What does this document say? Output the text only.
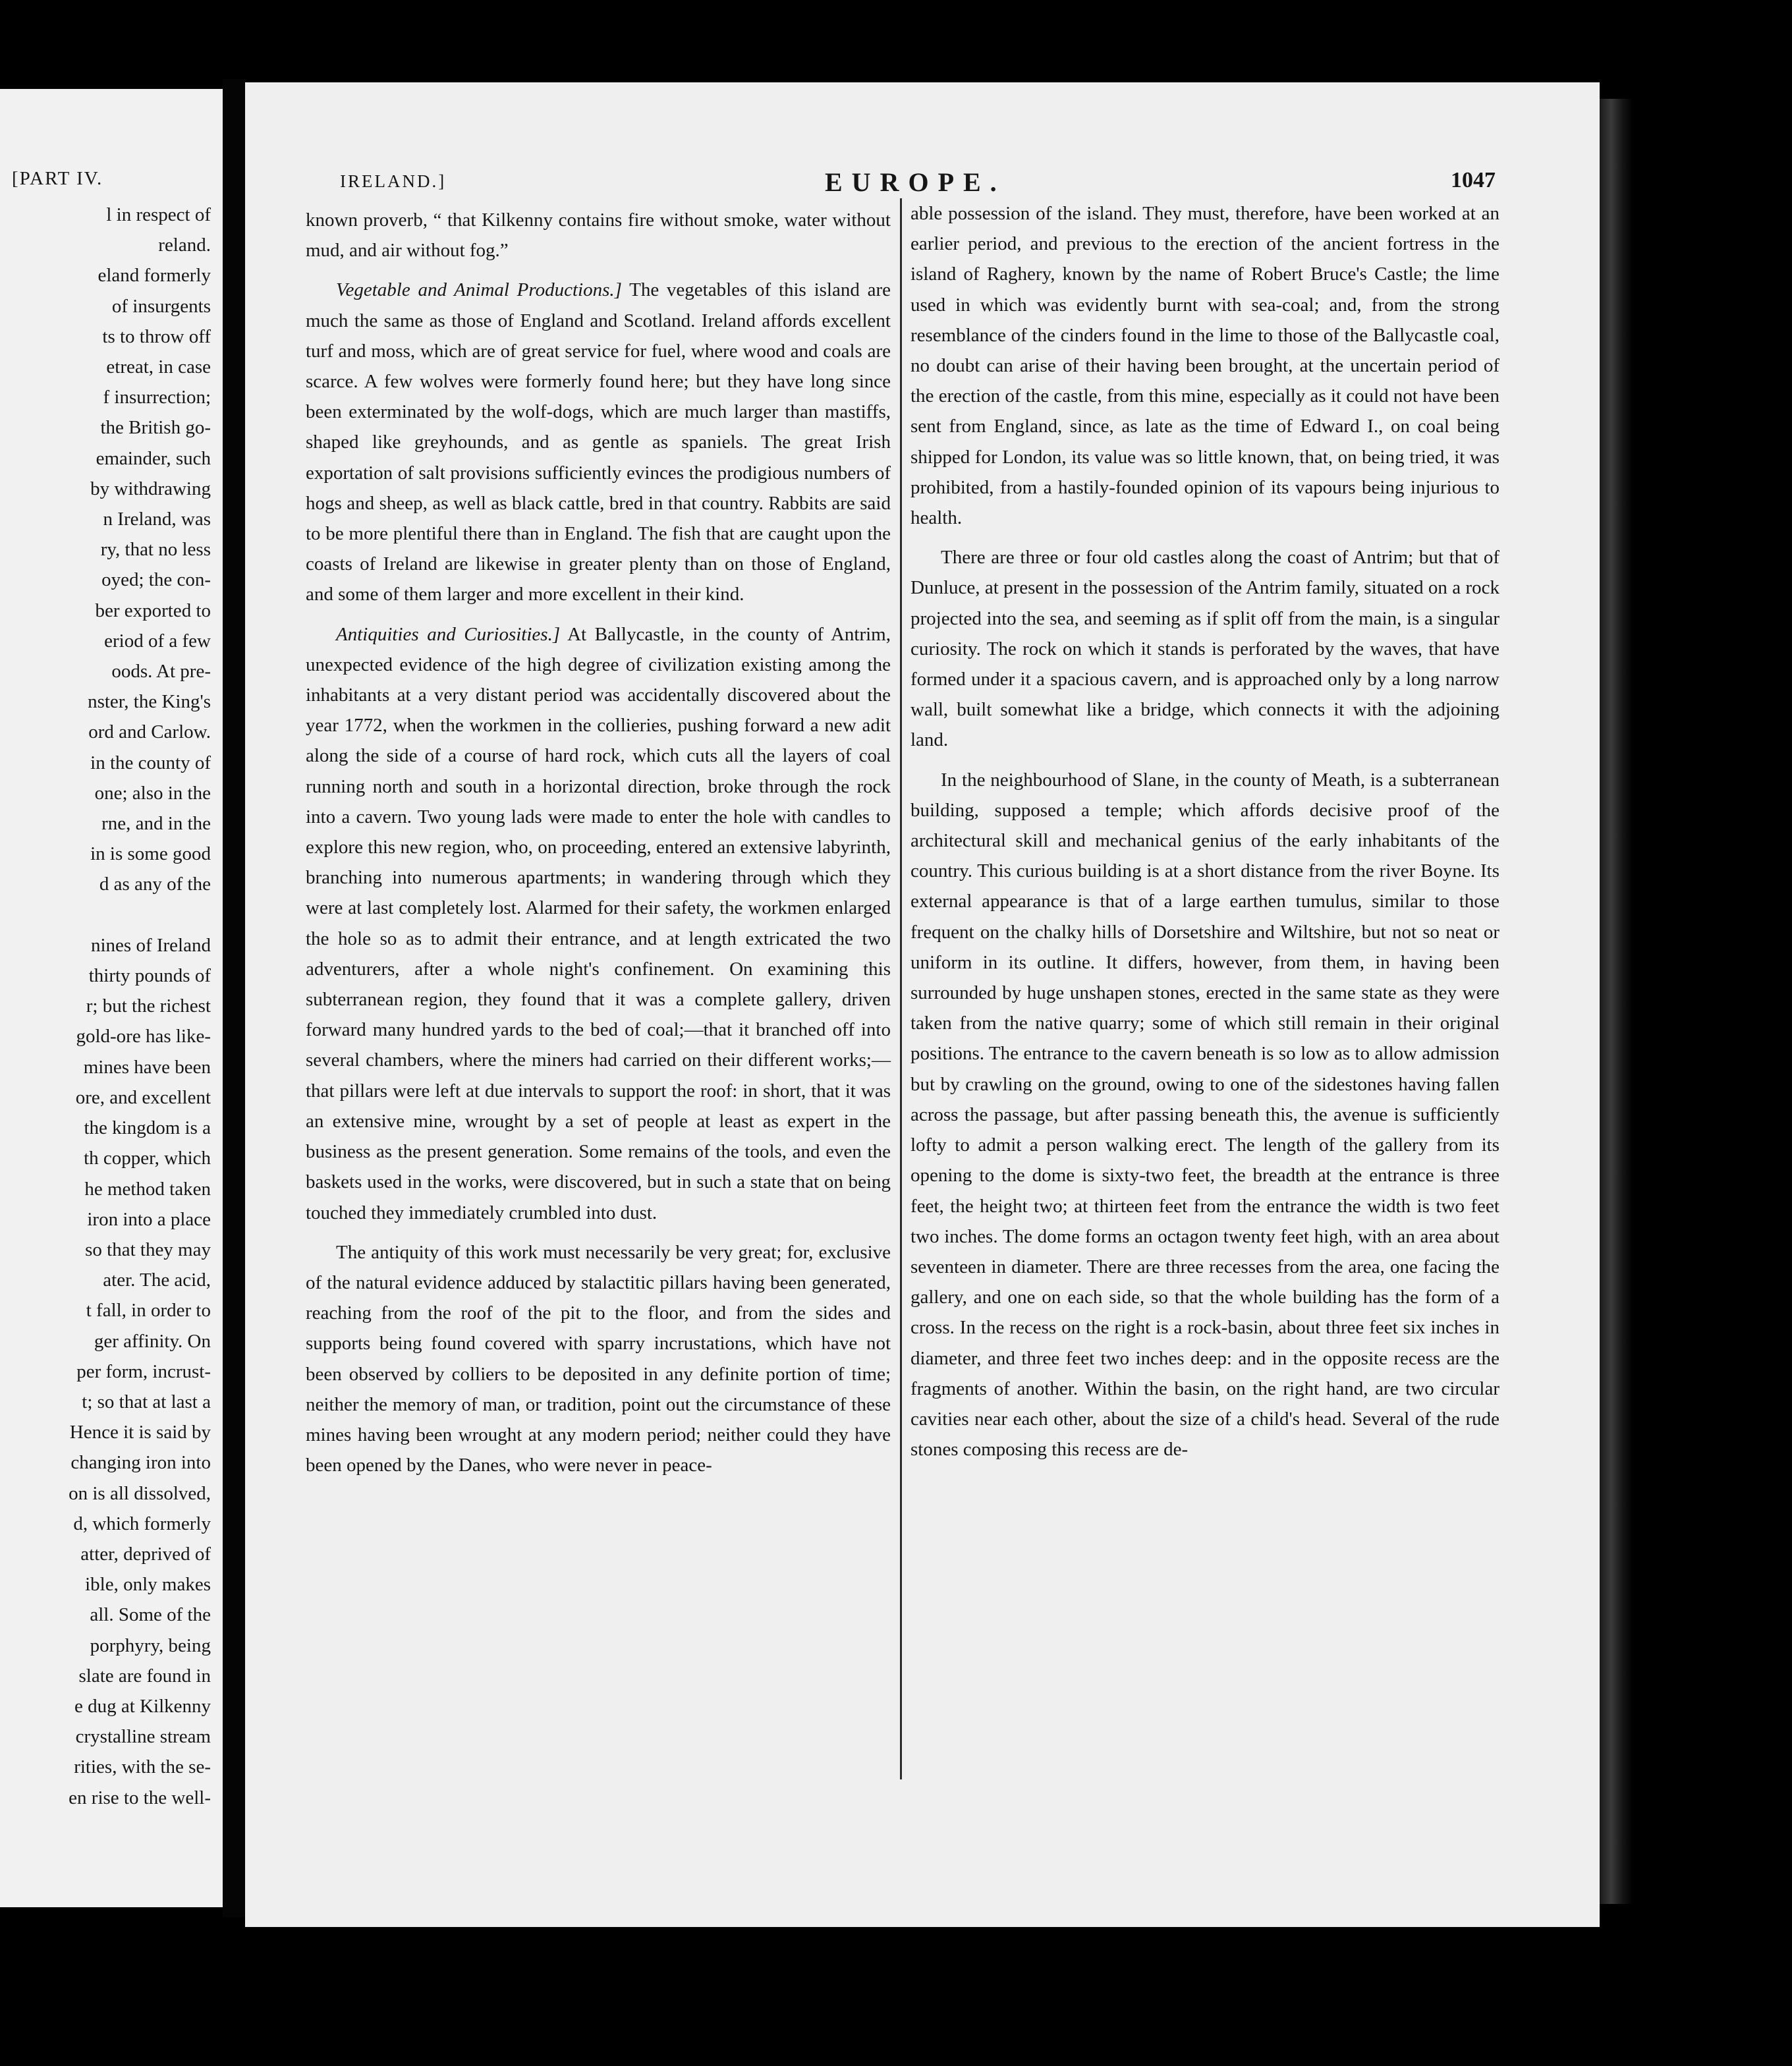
[PART IV.
l in respect of
reland.
eland formerly
of insurgents
ts to throw off
etreat, in case
f insurrection;
the British go-
emainder, such
by withdrawing
n Ireland, was
ry, that no less
oyed; the con-
ber exported to
eriod of a few
oods. At pre-
nster, the King's
ord and Carlow.
in the county of
one; also in the
rne, and in the
in is some good
d as any of the

nines of Ireland
thirty pounds of
r; but the richest
gold-ore has like-
mines have been
ore, and excellent
the kingdom is a
th copper, which
he method taken
iron into a place
so that they may
ater. The acid,
t fall, in order to
ger affinity. On
per form, incrust-
t; so that at last a
Hence it is said by
changing iron into
on is all dissolved,
d, which formerly
atter, deprived of
ible, only makes
all. Some of the
porphyry, being
slate are found in
e dug at Kilkenny
crystalline stream
rities, with the se-
en rise to the well-
IRELAND.]	EUROPE.	1047
known proverb, “ that Kilkenny contains fire without smoke, water without mud, and air without fog.”
Vegetable and Animal Productions.] The vegetables of this island are much the same as those of England and Scotland. Ireland affords excellent turf and moss, which are of great service for fuel, where wood and coals are scarce. A few wolves were formerly found here; but they have long since been exterminated by the wolf-dogs, which are much larger than mastiffs, shaped like greyhounds, and as gentle as spaniels. The great Irish exportation of salt provisions sufficiently evinces the prodigious numbers of hogs and sheep, as well as black cattle, bred in that country. Rabbits are said to be more plentiful there than in England. The fish that are caught upon the coasts of Ireland are likewise in greater plenty than on those of England, and some of them larger and more excellent in their kind.
Antiquities and Curiosities.] At Ballycastle, in the county of Antrim, unexpected evidence of the high degree of civilization existing among the inhabitants at a very distant period was accidentally discovered about the year 1772, when the workmen in the collieries, pushing forward a new adit along the side of a course of hard rock, which cuts all the layers of coal running north and south in a horizontal direction, broke through the rock into a cavern. Two young lads were made to enter the hole with candles to explore this new region, who, on proceeding, entered an extensive labyrinth, branching into numerous apartments; in wandering through which they were at last completely lost. Alarmed for their safety, the workmen enlarged the hole so as to admit their entrance, and at length extricated the two adventurers, after a whole night's confinement. On examining this subterranean region, they found that it was a complete gallery, driven forward many hundred yards to the bed of coal;—that it branched off into several chambers, where the miners had carried on their different works;—that pillars were left at due intervals to support the roof: in short, that it was an extensive mine, wrought by a set of people at least as expert in the business as the present generation. Some remains of the tools, and even the baskets used in the works, were discovered, but in such a state that on being touched they immediately crumbled into dust.
The antiquity of this work must necessarily be very great; for, exclusive of the natural evidence adduced by stalactitic pillars having been generated, reaching from the roof of the pit to the floor, and from the sides and supports being found covered with sparry incrustations, which have not been observed by colliers to be deposited in any definite portion of time; neither the memory of man, or tradition, point out the circumstance of these mines having been wrought at any modern period; neither could they have been opened by the Danes, who were never in peace-
able possession of the island. They must, therefore, have been worked at an earlier period, and previous to the erection of the ancient fortress in the island of Raghery, known by the name of Robert Bruce's Castle; the lime used in which was evidently burnt with sea-coal; and, from the strong resemblance of the cinders found in the lime to those of the Ballycastle coal, no doubt can arise of their having been brought, at the uncertain period of the erection of the castle, from this mine, especially as it could not have been sent from England, since, as late as the time of Edward I., on coal being shipped for London, its value was so little known, that, on being tried, it was prohibited, from a hastily-founded opinion of its vapours being injurious to health.
There are three or four old castles along the coast of Antrim; but that of Dunluce, at present in the possession of the Antrim family, situated on a rock projected into the sea, and seeming as if split off from the main, is a singular curiosity. The rock on which it stands is perforated by the waves, that have formed under it a spacious cavern, and is approached only by a long narrow wall, built somewhat like a bridge, which connects it with the adjoining land.
In the neighbourhood of Slane, in the county of Meath, is a subterranean building, supposed a temple; which affords decisive proof of the architectural skill and mechanical genius of the early inhabitants of the country. This curious building is at a short distance from the river Boyne. Its external appearance is that of a large earthen tumulus, similar to those frequent on the chalky hills of Dorsetshire and Wiltshire, but not so neat or uniform in its outline. It differs, however, from them, in having been surrounded by huge unshapen stones, erected in the same state as they were taken from the native quarry; some of which still remain in their original positions. The entrance to the cavern beneath is so low as to allow admission but by crawling on the ground, owing to one of the sidestones having fallen across the passage, but after passing beneath this, the avenue is sufficiently lofty to admit a person walking erect. The length of the gallery from its opening to the dome is sixty-two feet, the breadth at the entrance is three feet, the height two; at thirteen feet from the entrance the width is two feet two inches. The dome forms an octagon twenty feet high, with an area about seventeen in diameter. There are three recesses from the area, one facing the gallery, and one on each side, so that the whole building has the form of a cross. In the recess on the right is a rock-basin, about three feet six inches in diameter, and three feet two inches deep: and in the opposite recess are the fragments of another. Within the basin, on the right hand, are two circular cavities near each other, about the size of a child's head. Several of the rude stones composing this recess are de-
